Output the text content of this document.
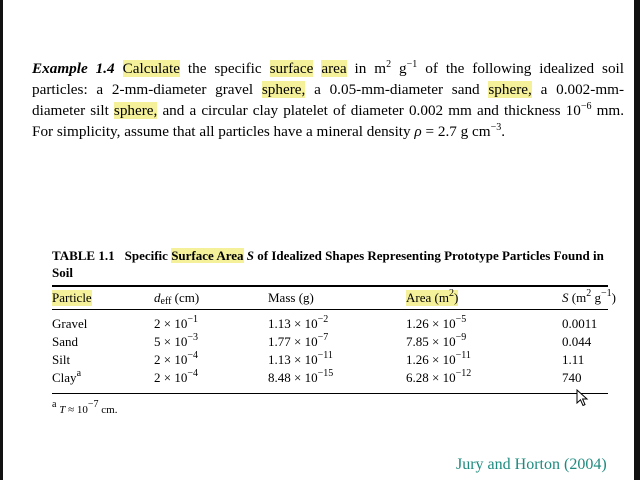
Example 1.4 Calculate the specific surface area in $m^2$ $g^{-1}$ of the following idealized soil particles: a 2-mm-diameter gravel sphere, a 0.05-mm-diameter sand sphere, a 0.002-mm-diameter silt sphere, and a circular clay platelet of diameter 0.002 mm and thickness $10^{-6}$ mm. For simplicity, assume that all particles have a mineral density ρ = 2.7 g $cm^{-3}$.
TABLE 1.1 Specific Surface Area S of Idealized Shapes Representing Prototype Particles Found in Soil
Particle	$d_{eff}$ (cm)	Mass (g)	Area $(m^2)$	S ($m^2$ $g^{-1}$)
Gravel	$2 \times 10^{-1}$	$1.13 \times 10^{-2}$	$1.26 \times 10^{-5}$	0.0011
Sand	$5 \times 10^{-3}$	$1.77 \times 10^{-7}$	$7.85 \times 10^{-9}$	0.044
Silt	$2 \times 10^{-4}$	$1.13 \times 10^{-11}$	$1.26 \times 10^{-11}$	1.11
Clay$^a$	$2 \times 10^{-4}$	$8.48 \times 10^{-15}$	$6.28 \times 10^{-12}$	740
$^a$ $T \approx 10^{-7}$ cm.
Jury and Horton (2004)
